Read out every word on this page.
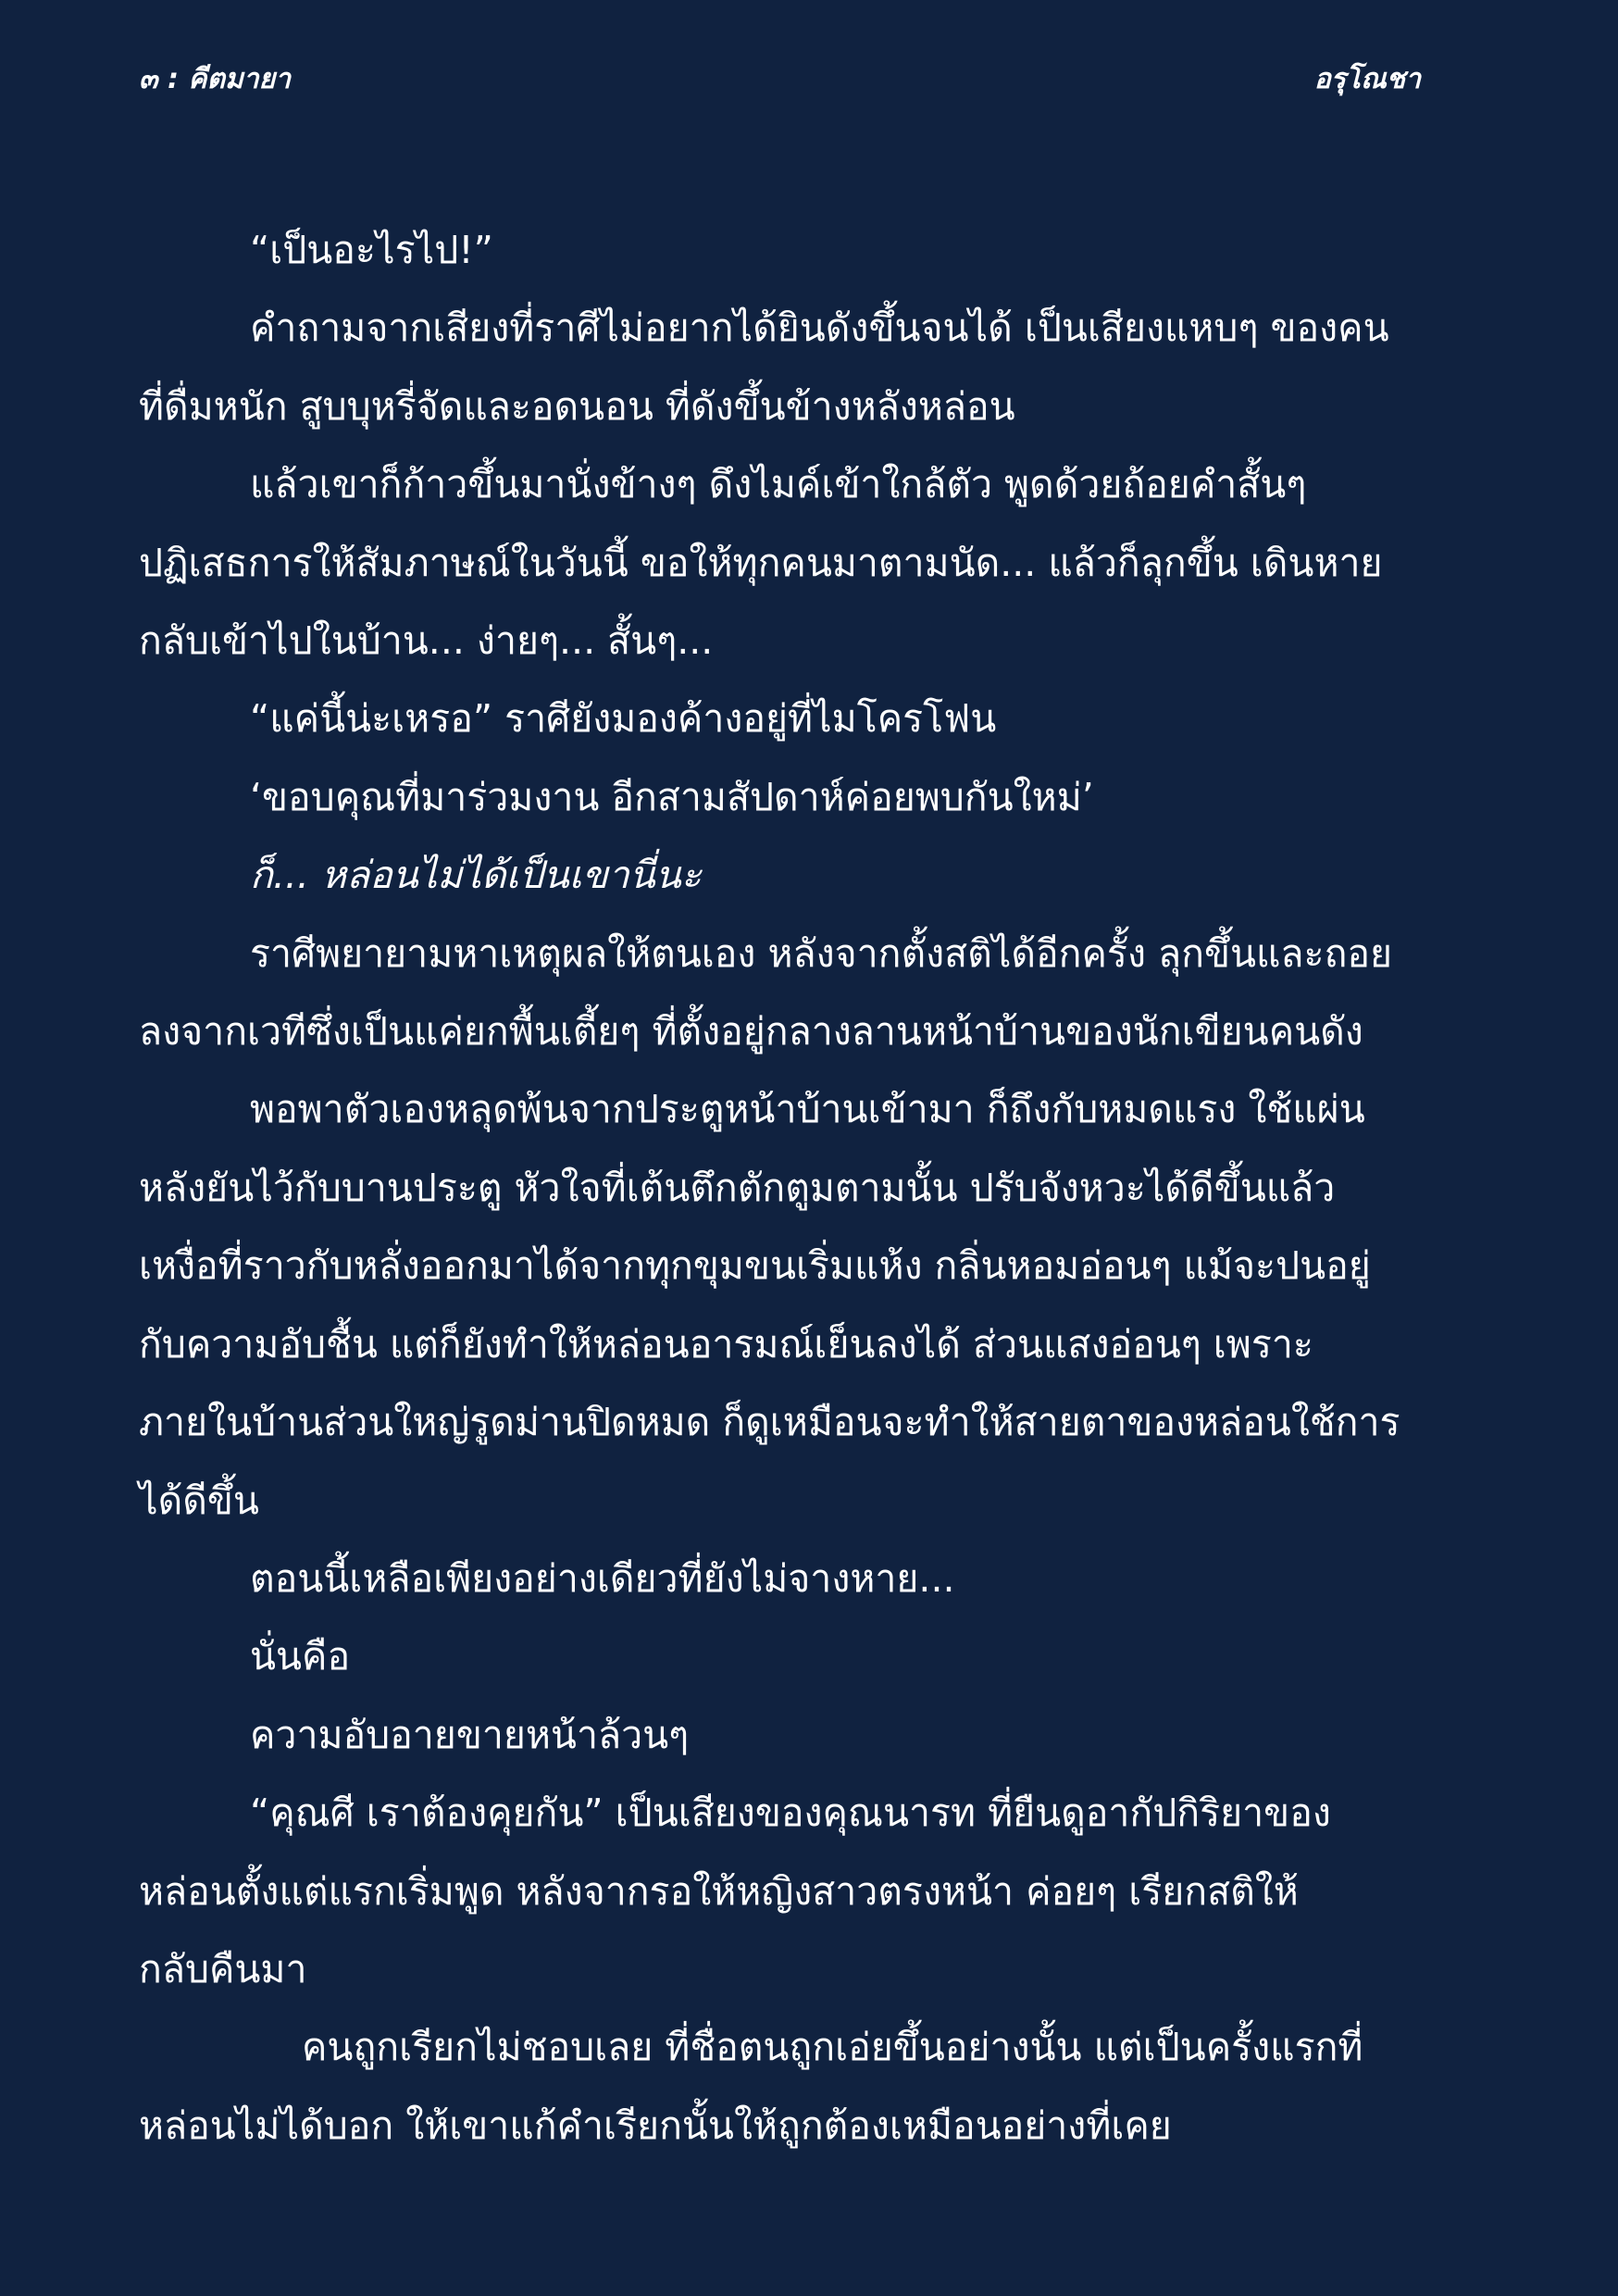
๓ : คีตมายา	อรุโณชา

“เป็นอะไรไป!”

คำถามจากเสียงที่ราศีไม่อยากได้ยินดังขึ้นจนได้ เป็นเสียงแหบๆ ของคน
ที่ดื่มหนัก สูบบุหรี่จัดและอดนอน ที่ดังขึ้นข้างหลังหล่อน

แล้วเขาก็ก้าวขึ้นมานั่งข้างๆ ดึงไมค์เข้าใกล้ตัว พูดด้วยถ้อยคำสั้นๆ
ปฏิเสธการให้สัมภาษณ์ในวันนี้ ขอให้ทุกคนมาตามนัด... แล้วก็ลุกขึ้น เดินหาย
กลับเข้าไปในบ้าน... ง่ายๆ... สั้นๆ...

“แค่นี้น่ะเหรอ” ราศียังมองค้างอยู่ที่ไมโครโฟน

‘ขอบคุณที่มาร่วมงาน อีกสามสัปดาห์ค่อยพบกันใหม่’

ก็... หล่อนไม่ได้เป็นเขานี่นะ

ราศีพยายามหาเหตุผลให้ตนเอง หลังจากตั้งสติได้อีกครั้ง ลุกขึ้นและถอย
ลงจากเวทีซึ่งเป็นแค่ยกพื้นเตี้ยๆ ที่ตั้งอยู่กลางลานหน้าบ้านของนักเขียนคนดัง

พอพาตัวเองหลุดพ้นจากประตูหน้าบ้านเข้ามา ก็ถึงกับหมดแรง ใช้แผ่น
หลังยันไว้กับบานประตู หัวใจที่เต้นตึกตักตูมตามนั้น ปรับจังหวะได้ดีขึ้นแล้ว
เหงื่อที่ราวกับหลั่งออกมาได้จากทุกขุมขนเริ่มแห้ง กลิ่นหอมอ่อนๆ แม้จะปนอยู่
กับความอับชื้น แต่ก็ยังทำให้หล่อนอารมณ์เย็นลงได้ ส่วนแสงอ่อนๆ เพราะ
ภายในบ้านส่วนใหญ่รูดม่านปิดหมด ก็ดูเหมือนจะทำให้สายตาของหล่อนใช้การ
ได้ดีขึ้น

ตอนนี้เหลือเพียงอย่างเดียวที่ยังไม่จางหาย...

นั่นคือ

ความอับอายขายหน้าล้วนๆ

“คุณศี เราต้องคุยกัน” เป็นเสียงของคุณนารท ที่ยืนดูอากัปกิริยาของ
หล่อนตั้งแต่แรกเริ่มพูด หลังจากรอให้หญิงสาวตรงหน้า ค่อยๆ เรียกสติให้
กลับคืนมา

คนถูกเรียกไม่ชอบเลย ที่ชื่อตนถูกเอ่ยขึ้นอย่างนั้น แต่เป็นครั้งแรกที่
หล่อนไม่ได้บอก ให้เขาแก้คำเรียกนั้นให้ถูกต้องเหมือนอย่างที่เคย
